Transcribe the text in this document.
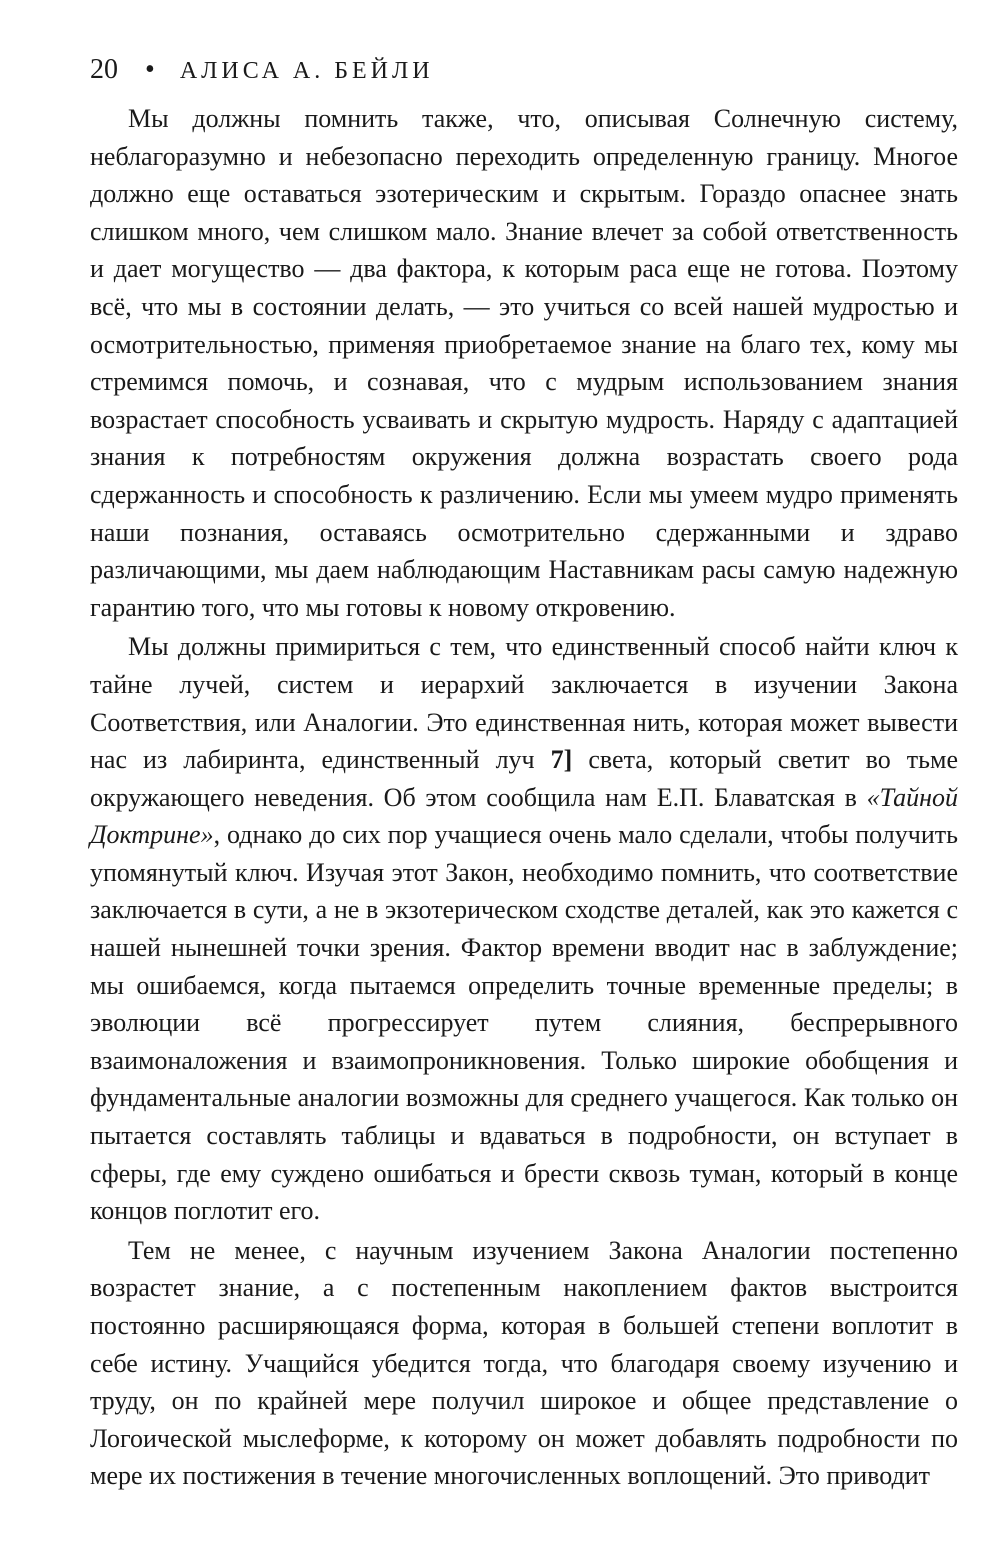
20 • АЛИСА А. БЕЙЛИ

Мы должны помнить также, что, описывая Солнечную систему, неблагоразумно и небезопасно переходить определенную границу. Многое должно еще оставаться эзотерическим и скрытым. Гораздо опаснее знать слишком много, чем слишком мало. Знание влечет за собой ответственность и дает могущество — два фактора, к которым раса еще не готова. Поэтому всё, что мы в состоянии делать, — это учиться со всей нашей мудростью и осмотрительностью, применяя приобретаемое знание на благо тех, кому мы стремимся помочь, и сознавая, что с мудрым использованием знания возрастает способность усваивать и скрытую мудрость. Наряду с адаптацией знания к потребностям окружения должна возрастать своего рода сдержанность и способность к различению. Если мы умеем мудро применять наши познания, оставаясь осмотрительно сдержанными и здраво различающими, мы даем наблюдающим Наставникам расы самую надежную гарантию того, что мы готовы к новому откровению.

Мы должны примириться с тем, что единственный способ найти ключ к тайне лучей, систем и иерархий заключается в изучении Закона Соответствия, или Аналогии. Это единственная нить, которая может вывести нас из лабиринта, единственный луч 7] света, который светит во тьме окружающего неведения. Об этом сообщила нам Е.П. Блаватская в «Тайной Доктрине», однако до сих пор учащиеся очень мало сделали, чтобы получить упомянутый ключ. Изучая этот Закон, необходимо помнить, что соответствие заключается в сути, а не в экзотерическом сходстве деталей, как это кажется с нашей нынешней точки зрения. Фактор времени вводит нас в заблуждение; мы ошибаемся, когда пытаемся определить точные временные пределы; в эволюции всё прогрессирует путем слияния, беспрерывного взаимоналожения и взаимопроникновения. Только широкие обобщения и фундаментальные аналогии возможны для среднего учащегося. Как только он пытается составлять таблицы и вдаваться в подробности, он вступает в сферы, где ему суждено ошибаться и брести сквозь туман, который в конце концов поглотит его.

Тем не менее, с научным изучением Закона Аналогии постепенно возрастет знание, а с постепенным накоплением фактов выстроится постоянно расширяющаяся форма, которая в большей степени воплотит в себе истину. Учащийся убедится тогда, что благодаря своему изучению и труду, он по крайней мере получил широкое и общее представление о Логоической мыслеформе, к которому он может добавлять подробности по мере их постижения в течение многочисленных воплощений. Это приводит
